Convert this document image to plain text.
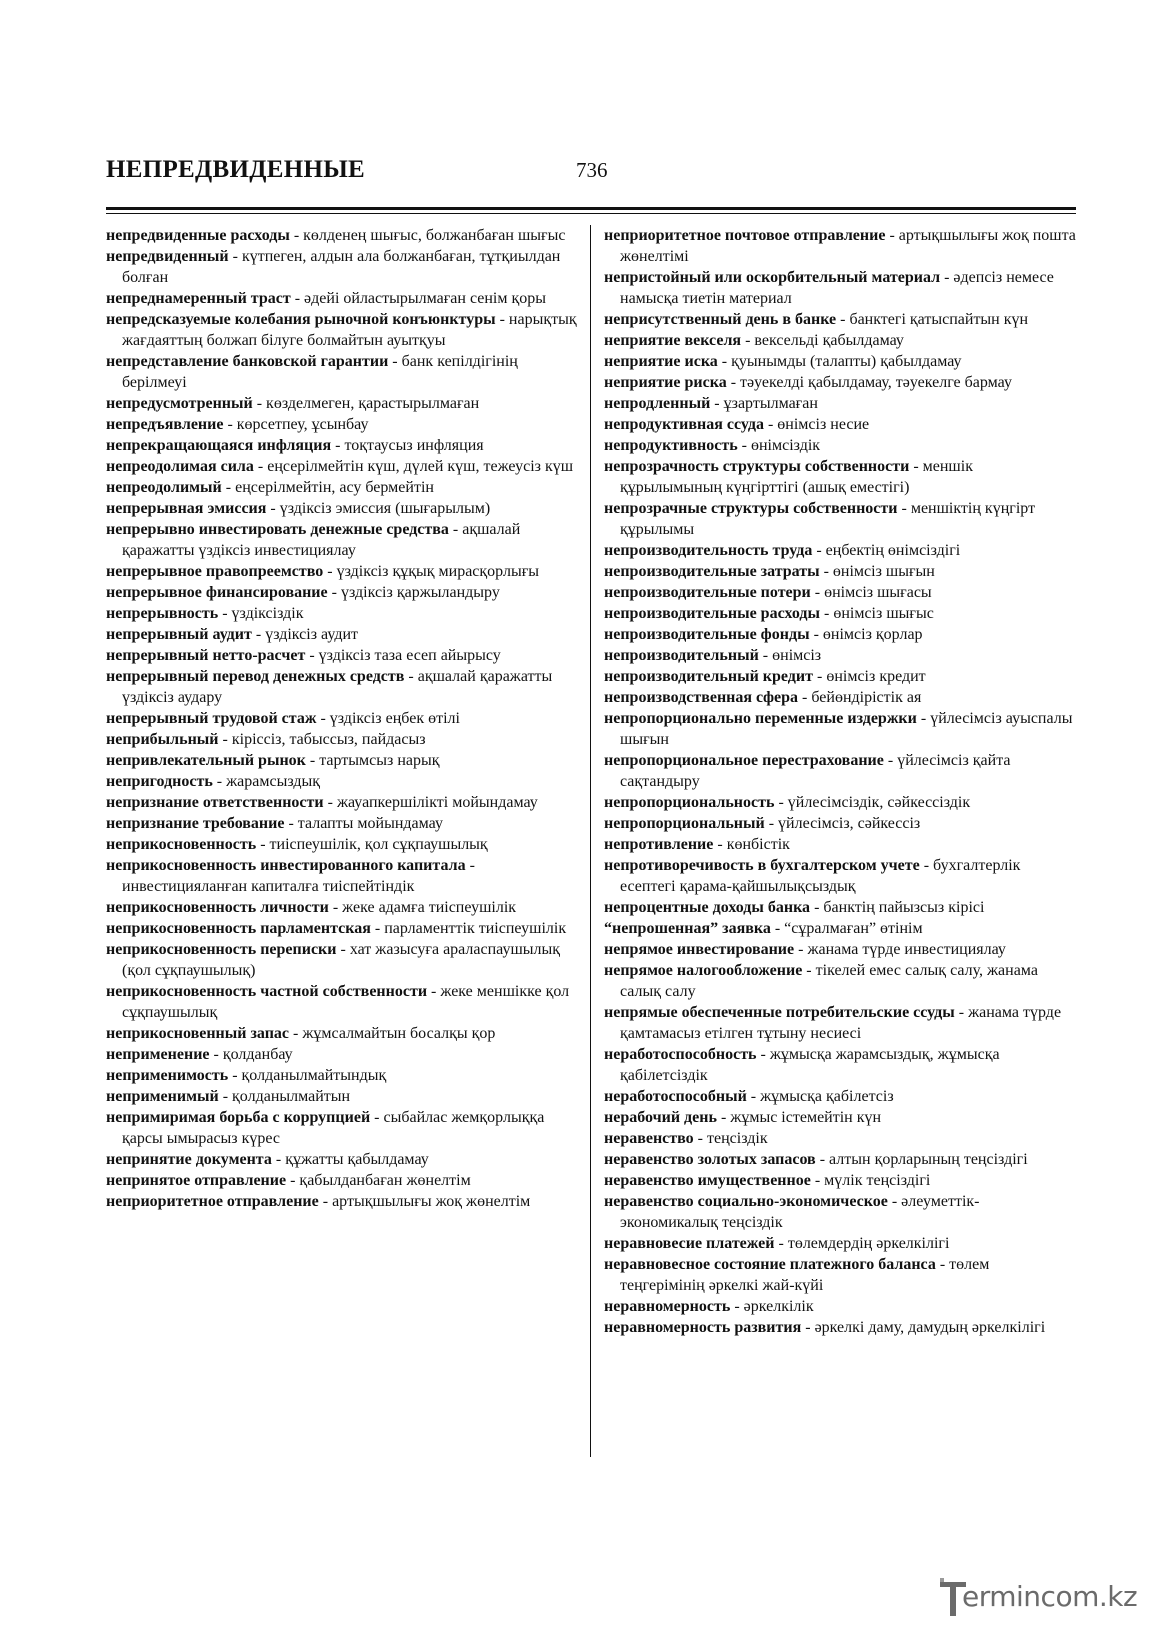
НЕПРЕДВИДЕННЫЕ	736

непредвиденные расходы - көлденең шығыс, болжанбаған шығыс

непредвиденный - күтпеген, алдын ала болжанбаған, тұтқиылдан болған

непреднамеренный траст - әдейі ойластырылмаған сенім қоры

непредсказуемые колебания рыночной конъюнктуры - нарықтық жағдаяттың болжап білуге болмайтын ауытқуы

непредставление банковской гарантии - банк кепілдігінің берілмеуі

непредусмотренный - көзделмеген, қарастырылмаған

непредъявление - көрсетпеу, ұсынбау

непрекращающаяся инфляция - тоқтаусыз инфляция

непреодолимая сила - еңсерілмейтін күш, дүлей күш, тежеусіз күш

непреодолимый - еңсерілмейтін, асу бермейтін

непрерывная эмиссия - үздіксіз эмиссия (шығарылым)

непрерывно инвестировать денежные средства - ақшалай қаражатты үздіксіз инвестициялау

непрерывное правопреемство - үздіксіз құқық мирасқорлығы

непрерывное финансирование - үздіксіз қаржыландыру

непрерывность - үздіксіздік

непрерывный аудит - үздіксіз аудит

непрерывный нетто-расчет - үздіксіз таза есеп айырысу

непрерывный перевод денежных средств - ақшалай қаражатты үздіксіз аудару

непрерывный трудовой стаж - үздіксіз еңбек өтілі

неприбыльный - кіріссіз, табыссыз, пайдасыз

непривлекательный рынок - тартымсыз нарық

непригодность - жарамсыздық

непризнание ответственности - жауапкершілікті мойындамау

непризнание требование - талапты мойындамау

неприкосновенность - тиіспеушілік, қол сұқпаушылық

неприкосновенность инвестированного капитала - инвестицияланған капиталға тиіспейтіндік

неприкосновенность личности - жеке адамға тиіспеушілік

неприкосновенность парламентская - парламенттік тиіспеушілік

неприкосновенность переписки - хат жазысуға араласпаушылық (қол сұқпаушылық)

неприкосновенность частной собственности - жеке меншікке қол сұқпаушылық

неприкосновенный запас - жұмсалмайтын босалқы қор

неприменение - қолданбау

неприменимость - қолданылмайтындық

неприменимый - қолданылмайтын

непримиримая борьба с коррупцией - сыбайлас жемқорлыққа қарсы ымырасыз күрес

непринятие документа - құжатты қабылдамау

непринятое отправление - қабылданбаған жөнелтім

неприоритетное отправление - артықшылығы жоқ жөнелтім

неприоритетное почтовое отправление - артықшылығы жоқ пошта жөнелтімі

непристойный или оскорбительный материал - әдепсіз немесе намысқа тиетін материал

неприсутственный день в банке - банктегі қатыспайтын күн

неприятие векселя - вексельді қабылдамау

неприятие иска - қуынымды (талапты) қабылдамау

неприятие риска - тәуекелді қабылдамау, тәуекелге бармау

непродленный - ұзартылмаған

непродуктивная ссуда - өнімсіз несие

непродуктивность - өнімсіздік

непрозрачность структуры собственности - меншік құрылымының күңгірттігі (ашық еместігі)

непрозрачные структуры собственности - меншіктің күңгірт құрылымы

непроизводительность труда - еңбектің өнімсіздігі

непроизводительные затраты - өнімсіз шығын

непроизводительные потери - өнімсіз шығасы

непроизводительные расходы - өнімсіз шығыс

непроизводительные фонды - өнімсіз қорлар

непроизводительный - өнімсіз

непроизводительный кредит - өнімсіз кредит

непроизводственная сфера - бейөндірістік ая

непропорционально переменные издержки - үйлесімсіз ауыспалы шығын

непропорциональное перестрахование - үйлесімсіз қайта сақтандыру

непропорциональность - үйлесімсіздік, сәйкессіздік

непропорциональный - үйлесімсіз, сәйкессіз

непротивление - көнбістік

непротиворечивость в бухгалтерском учете - бухгалтерлік есептегі қарама-қайшылықсыздық

непроцентные доходы банка - банктің пайызсыз кірісі

“непрошенная” заявка - “сұралмаған” өтінім

непрямое инвестирование - жанама түрде инвестициялау

непрямое налогообложение - тікелей емес салық салу, жанама салық салу

непрямые обеспеченные потребительские ссуды - жанама түрде қамтамасыз етілген тұтыну несиесі

неработоспособность - жұмысқа жарамсыздық, жұмысқа қабілетсіздік

неработоспособный - жұмысқа қабілетсіз

нерабочий день - жұмыс істемейтін күн

неравенство - теңсіздік

неравенство золотых запасов - алтын қорларының теңсіздігі

неравенство имущественное - мүлік теңсіздігі

неравенство социально-экономическое - әлеуметтік-экономикалық теңсіздік

неравновесие платежей - төлемдердің әркелкілігі

неравновесное состояние платежного баланса - төлем теңгерімінің әркелкі жай-күйі

неравномерность - әркелкілік

неравномерность развития - әркелкі даму, дамудың әркелкілігі

ermincom.kz
